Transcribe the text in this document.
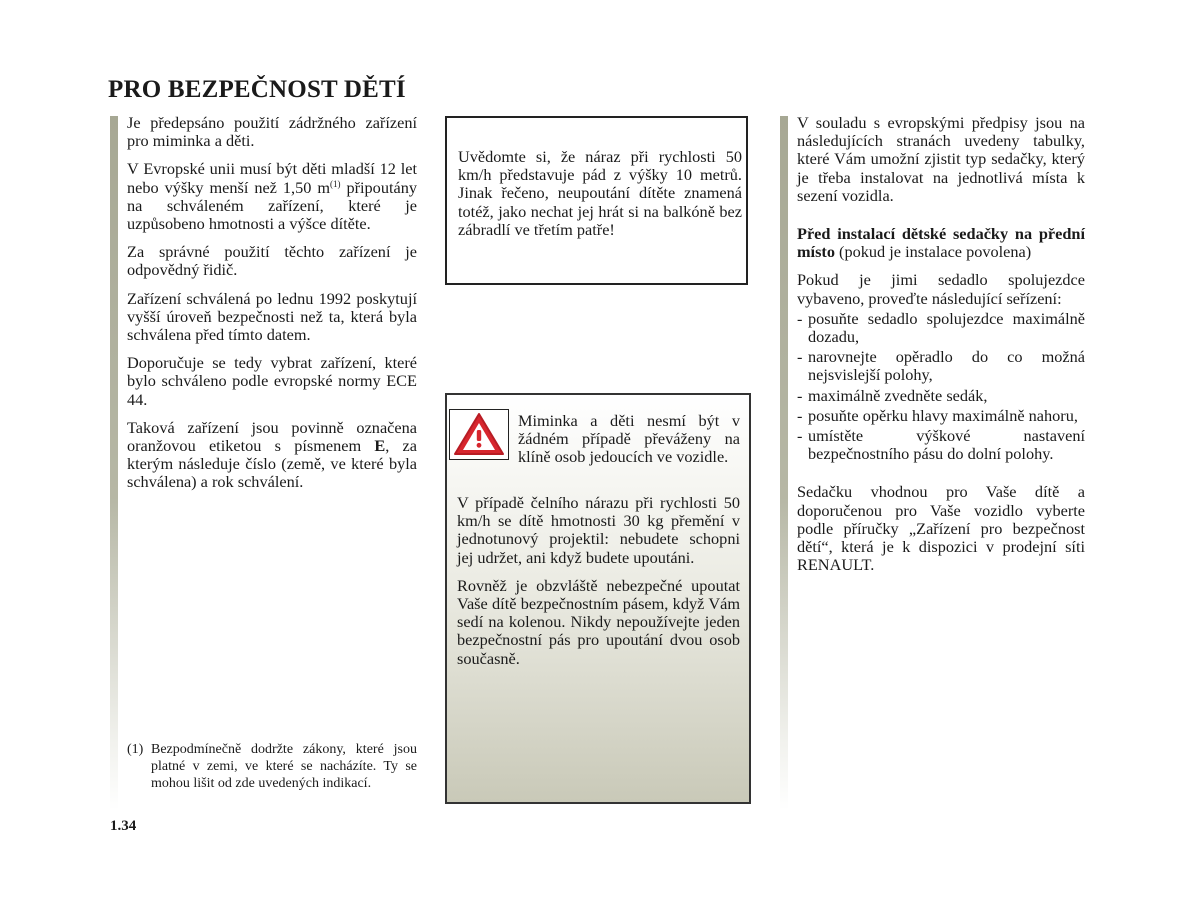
PRO BEZPEČNOST DĚTÍ

Je předepsáno použití zádržného zařízení pro miminka a děti.

V Evropské unii musí být děti mladší 12 let nebo výšky menší než 1,50 $m^{(1)}$ připoutány na schváleném zařízení, které je uzpůsobeno hmotnosti a výšce dítěte.

Za správné použití těchto zařízení je odpovědný řidič.

Zařízení schválená po lednu 1992 poskytují vyšší úroveň bezpečnosti než ta, která byla schválena před tímto datem.

Doporučuje se tedy vybrat zařízení, které bylo schváleno podle evropské normy ECE 44.

Taková zařízení jsou povinně označena oranžovou etiketou s písmenem E, za kterým následuje číslo (země, ve které byla schválena) a rok schválení.

(1) Bezpodmínečně dodržte zákony, které jsou platné v zemi, ve které se nacházíte. Ty se mohou lišit od zde uvedených indikací.
1.34

Uvědomte si, že náraz při rychlosti 50 km/h představuje pád z výšky 10 metrů. Jinak řečeno, neupoutání dítěte znamená totéž, jako nechat jej hrát si na balkóně bez zábradlí ve třetím patře!

Miminka a děti nesmí být v žádném případě převáženy na klíně osob jedoucích ve vozidle.

V případě čelního nárazu při rychlosti 50 km/h se dítě hmotnosti 30 kg přemění v jednotunový projektil: nebudete schopni jej udržet, ani když budete upoutáni.

Rovněž je obzvláště nebezpečné upoutat Vaše dítě bezpečnostním pásem, když Vám sedí na kolenou. Nikdy nepoužívejte jeden bezpečnostní pás pro upoutání dvou osob současně.

V souladu s evropskými předpisy jsou na následujících stranách uvedeny tabulky, které Vám umožní zjistit typ sedačky, který je třeba instalovat na jednotlivá místa k sezení vozidla.

Před instalací dětské sedačky na přední místo (pokud je instalace povolena)

Pokud je jimi sedadlo spolujezdce vybaveno, proveďte následující seřízení:

- posuňte sedadlo spolujezdce maximálně dozadu,
- narovnejte opěradlo do co možná nejsvislejší polohy,
- maximálně zvedněte sedák,
- posuňte opěrku hlavy maximálně nahoru,
- umístěte výškové nastavení bezpečnostního pásu do dolní polohy.

Sedačku vhodnou pro Vaše dítě a doporučenou pro Vaše vozidlo vyberte podle příručky „Zařízení pro bezpečnost dětí“, která je k dispozici v prodejní síti RENAULT.
